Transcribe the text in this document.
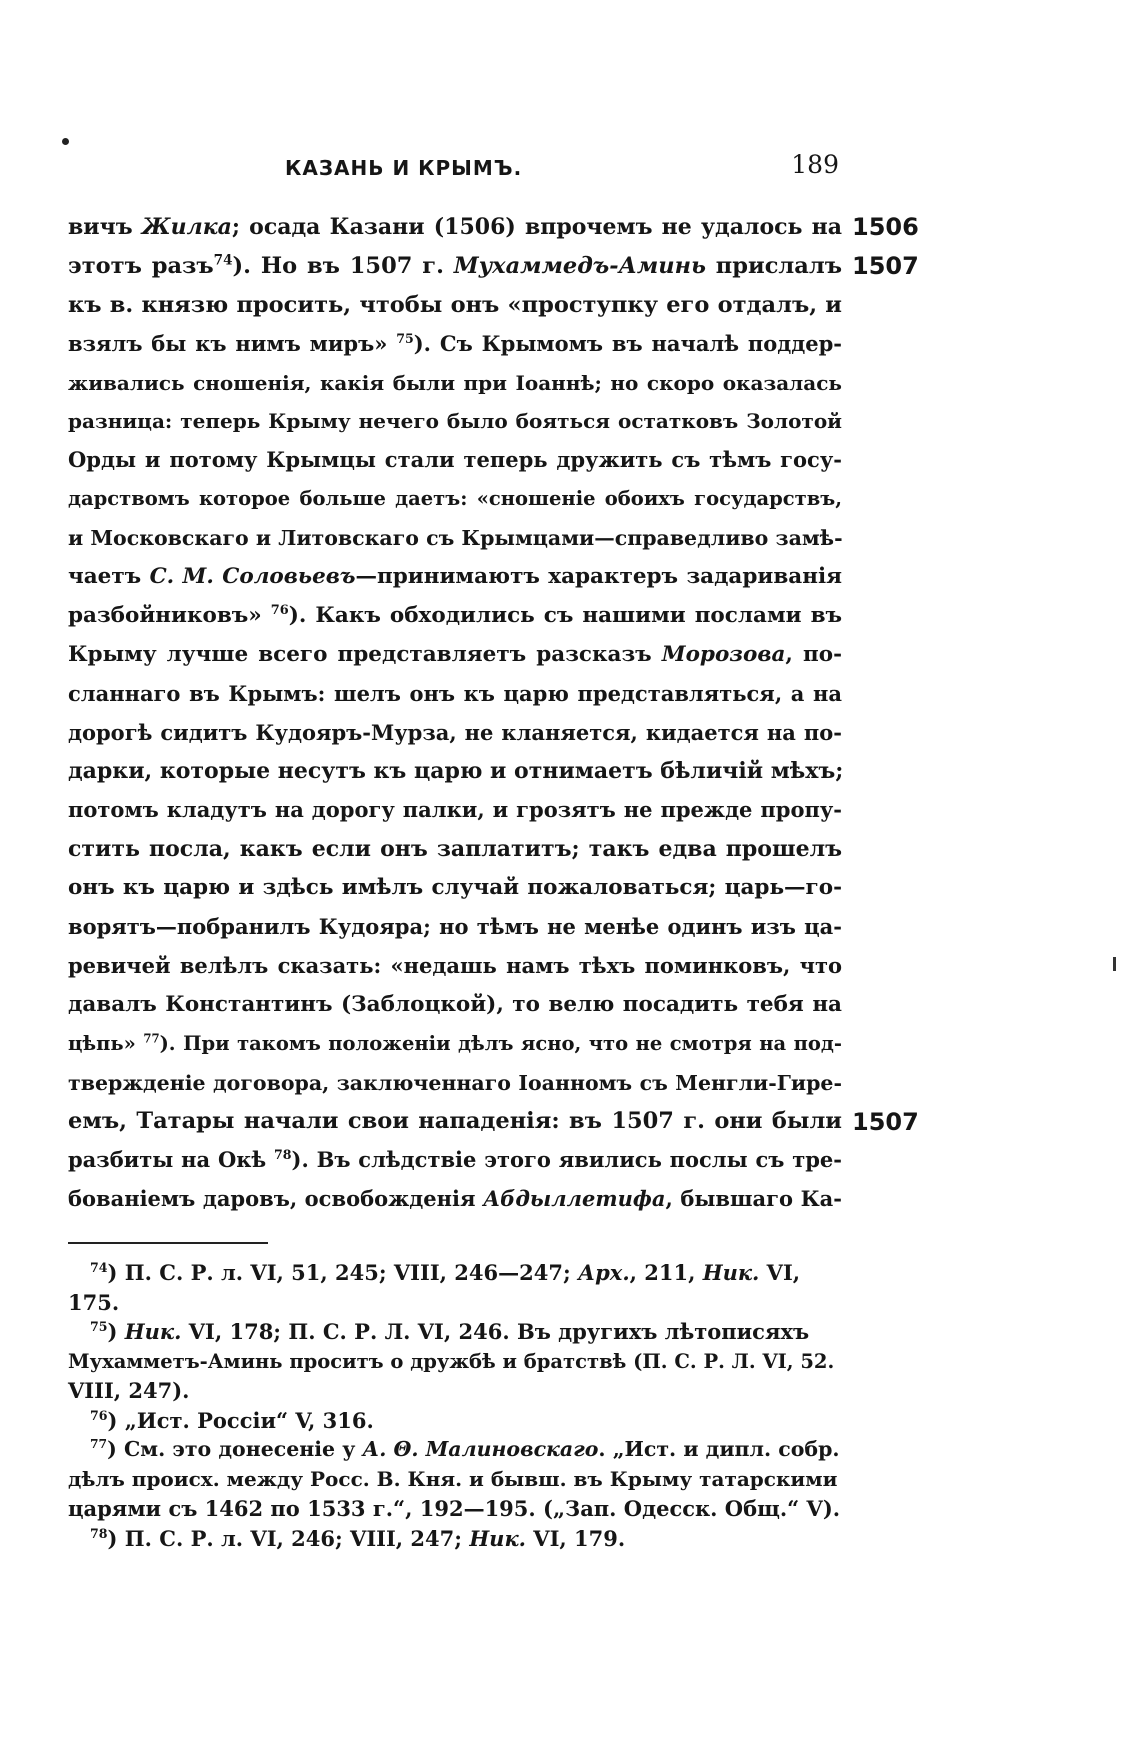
КАЗАНЬ И КРЫМЪ.	189
вичъ Жилка; осада Казани (1506) впрочемъ не удалось на
этотъ разъ$^{74}$). Но въ 1507 г. Мухаммедъ-Аминь прислалъ
къ в. князю просить, чтобы онъ «проступку его отдалъ, и
взялъ бы къ нимъ миръ» $^{75}$). Съ Крымомъ въ началѣ поддер-
живались сношенія, какія были при Іоаннѣ; но скоро оказалась
разница: теперь Крыму нечего было бояться остатковъ Золотой
Орды и потому Крымцы стали теперь дружить съ тѣмъ госу-
дарствомъ которое больше даетъ: «сношеніе обоихъ государствъ,
и Московскаго и Литовскаго съ Крымцами—справедливо замѣ-
чаетъ С. М. Соловьевъ—принимаютъ характеръ задариванія
разбойниковъ» $^{76}$). Какъ обходились съ нашими послами въ
Крыму лучше всего представляетъ разсказъ Морозова, по-
сланнаго въ Крымъ: шелъ онъ къ царю представляться, а на
дорогѣ сидитъ Кудояръ-Мурза, не кланяется, кидается на по-
дарки, которые несутъ къ царю и отнимаетъ бѣличій мѣхъ;
потомъ кладутъ на дорогу палки, и грозятъ не прежде пропу-
стить посла, какъ если онъ заплатитъ; такъ едва прошелъ
онъ къ царю и здѣсь имѣлъ случай пожаловаться; царь—го-
ворятъ—побранилъ Кудояра; но тѣмъ не менѣе одинъ изъ ца-
ревичей велѣлъ сказать: «недашь намъ тѣхъ поминковъ, что
давалъ Константинъ (Заблоцкой), то велю посадить тебя на
цѣпь» $^{77}$). При такомъ положеніи дѣлъ ясно, что не смотря на под-
твержденіе договора, заключеннаго Іоанномъ съ Менгли-Гире-
емъ, Татары начали свои нападенія: въ 1507 г. они были
разбиты на Окѣ $^{78}$). Въ слѣдствіе этого явились послы съ тре-
бованіемъ даровъ, освобожденія Абдыллетифа, бывшаго Ка-
1506
1507
1507
$^{74}$) П. С. Р. л. VI, 51, 245; VIII, 246—247; Арх., 211, Ник. VI,
175.
$^{75}$) Ник. VI, 178; П. С. Р. Л. VI, 246. Въ другихъ лѣтописяхъ
Мухамметъ-Аминь проситъ о дружбѣ и братствѣ (П. С. Р. Л. VI, 52.
VIII, 247).
$^{76}$) „Ист. Россіи“ V, 316.
$^{77}$) См. это донесеніе у А. Θ. Малиновскаго. „Ист. и дипл. собр.
дѣлъ происх. между Росс. В. Кня. и бывш. въ Крыму татарскими
царями съ 1462 по 1533 г.“, 192—195. („Зап. Одесск. Общ.“ V).
$^{78}$) П. С. Р. л. VI, 246; VIII, 247; Ник. VI, 179.
